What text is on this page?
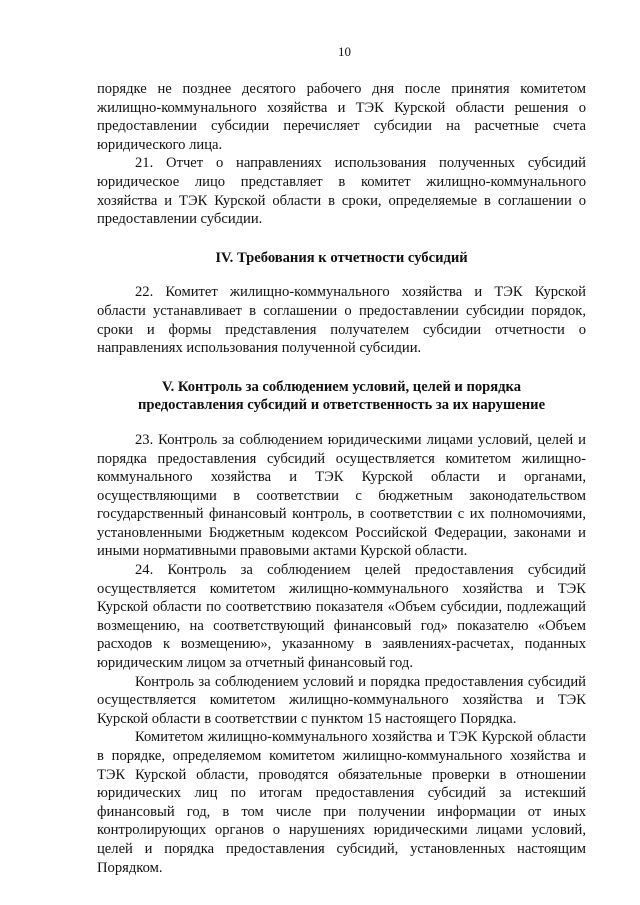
10

порядке не позднее десятого рабочего дня после принятия комитетом жилищно-коммунального хозяйства и ТЭК Курской области решения о предоставлении субсидии перечисляет субсидии на расчетные счета юридического лица.

21. Отчет о направлениях использования полученных субсидий юридическое лицо представляет в комитет жилищно-коммунального хозяйства и ТЭК Курской области в сроки, определяемые в соглашении о предоставлении субсидии.

IV. Требования к отчетности субсидий

22. Комитет жилищно-коммунального хозяйства и ТЭК Курской области устанавливает в соглашении о предоставлении субсидии порядок, сроки и формы представления получателем субсидии отчетности о направлениях использования полученной субсидии.

V. Контроль за соблюдением условий, целей и порядка
предоставления субсидий и ответственность за их нарушение

23. Контроль за соблюдением юридическими лицами условий, целей и порядка предоставления субсидий осуществляется комитетом жилищно-коммунального хозяйства и ТЭК Курской области и органами, осуществляющими в соответствии с бюджетным законодательством государственный финансовый контроль, в соответствии с их полномочиями, установленными Бюджетным кодексом Российской Федерации, законами и иными нормативными правовыми актами Курской области.

24. Контроль за соблюдением целей предоставления субсидий осуществляется комитетом жилищно-коммунального хозяйства и ТЭК Курской области по соответствию показателя «Объем субсидии, подлежащий возмещению, на соответствующий финансовый год» показателю «Объем расходов к возмещению», указанному в заявлениях-расчетах, поданных юридическим лицом за отчетный финансовый год.

Контроль за соблюдением условий и порядка предоставления субсидий осуществляется комитетом жилищно-коммунального хозяйства и ТЭК Курской области в соответствии с пунктом 15 настоящего Порядка.

Комитетом жилищно-коммунального хозяйства и ТЭК Курской области в порядке, определяемом комитетом жилищно-коммунального хозяйства и ТЭК Курской области, проводятся обязательные проверки в отношении юридических лиц по итогам предоставления субсидий за истекший финансовый год, в том числе при получении информации от иных контролирующих органов о нарушениях юридическими лицами условий, целей и порядка предоставления субсидий, установленных настоящим Порядком.
